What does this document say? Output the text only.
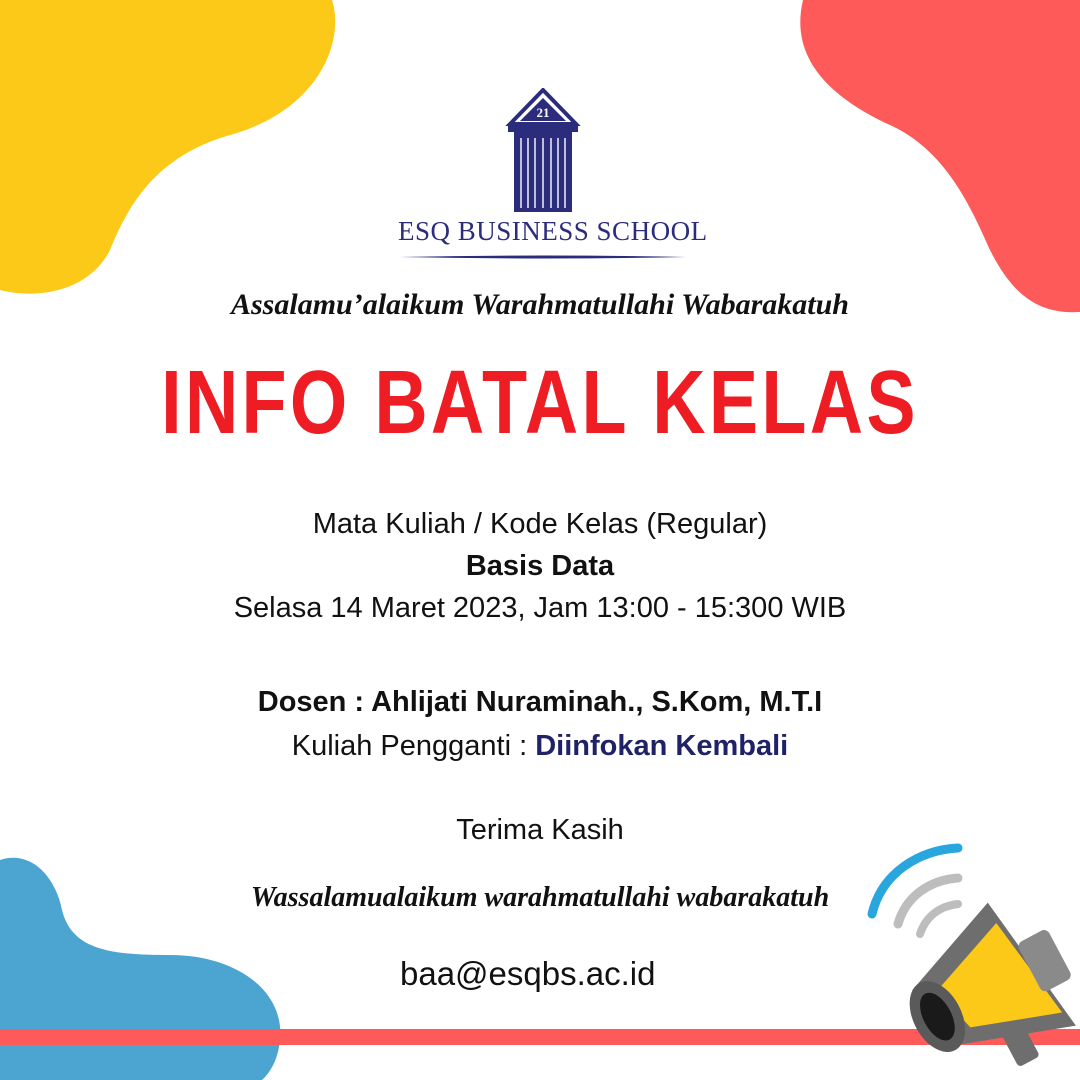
21
ESQ BUSINESS SCHOOL
Assalamu’alaikum Warahmatullahi Wabarakatuh
INFO BATAL KELAS
Mata Kuliah / Kode Kelas (Regular)
Basis Data
Selasa 14 Maret 2023, Jam 13:00 - 15:300 WIB
Dosen : Ahlijati Nuraminah., S.Kom, M.T.I
Kuliah Pengganti : Diinfokan Kembali
Terima Kasih
Wassalamualaikum warahmatullahi wabarakatuh
baa@esqbs.ac.id
